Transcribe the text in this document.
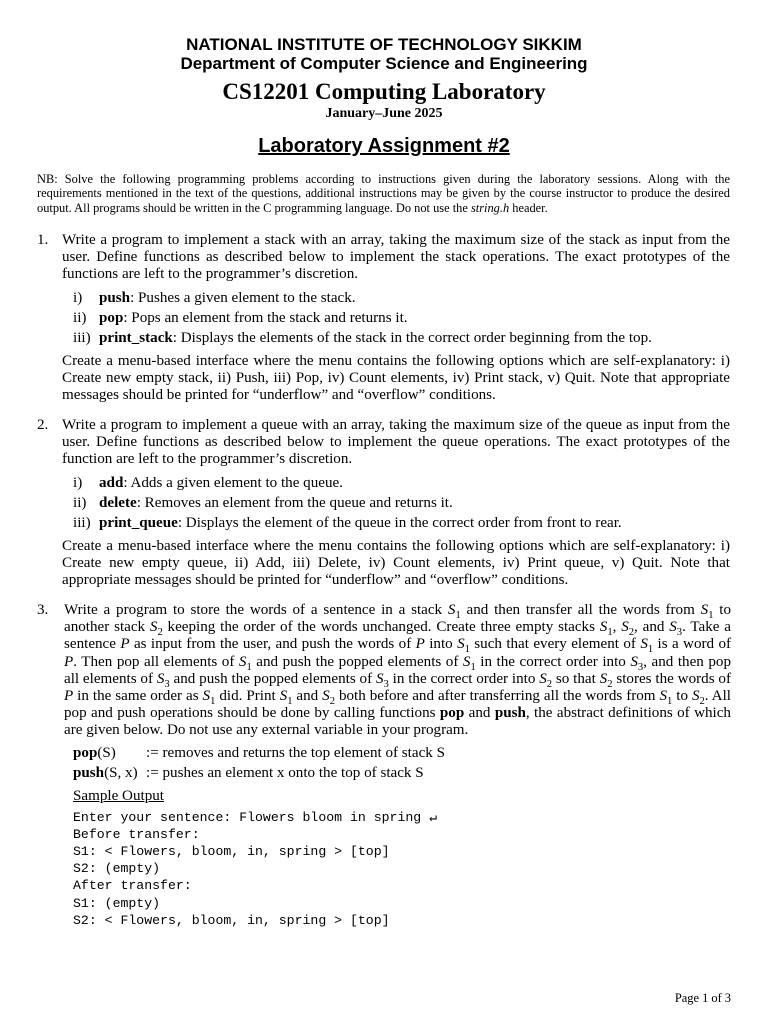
NATIONAL INSTITUTE OF TECHNOLOGY SIKKIM
Department of Computer Science and Engineering
CS12201 Computing Laboratory
January–June 2025
Laboratory Assignment #2
NB: Solve the following programming problems according to instructions given during the laboratory sessions. Along with the requirements mentioned in the text of the questions, additional instructions may be given by the course instructor to produce the desired output. All programs should be written in the C programming language. Do not use the string.h header.
1. Write a program to implement a stack with an array, taking the maximum size of the stack as input from the user. Define functions as described below to implement the stack operations. The exact prototypes of the functions are left to the programmer’s discretion.
i) push: Pushes a given element to the stack.
ii) pop: Pops an element from the stack and returns it.
iii) print_stack: Displays the elements of the stack in the correct order beginning from the top.
Create a menu-based interface where the menu contains the following options which are self-explanatory: i) Create new empty stack, ii) Push, iii) Pop, iv) Count elements, iv) Print stack, v) Quit. Note that appropriate messages should be printed for “underflow” and “overflow” conditions.
2. Write a program to implement a queue with an array, taking the maximum size of the queue as input from the user. Define functions as described below to implement the queue operations. The exact prototypes of the function are left to the programmer’s discretion.
i) add: Adds a given element to the queue.
ii) delete: Removes an element from the queue and returns it.
iii) print_queue: Displays the element of the queue in the correct order from front to rear.
Create a menu-based interface where the menu contains the following options which are self-explanatory: i) Create new empty queue, ii) Add, iii) Delete, iv) Count elements, iv) Print queue, v) Quit. Note that appropriate messages should be printed for “underflow” and “overflow” conditions.
3. Write a program to store the words of a sentence in a stack $S_1$ and then transfer all the words from $S_1$ to another stack $S_2$ keeping the order of the words unchanged. Create three empty stacks $S_1$, $S_2$, and $S_3$. Take a sentence P as input from the user, and push the words of P into $S_1$ such that every element of $S_1$ is a word of P. Then pop all elements of $S_1$ and push the popped elements of $S_1$ in the correct order into $S_3$, and then pop all elements of $S_3$ and push the popped elements of $S_3$ in the correct order into $S_2$ so that $S_2$ stores the words of P in the same order as $S_1$ did. Print $S_1$ and $S_2$ both before and after transferring all the words from $S_1$ to $S_2$. All pop and push operations should be done by calling functions pop and push, the abstract definitions of which are given below. Do not use any external variable in your program.
pop(S) := removes and returns the top element of stack S
push(S, x) := pushes an element x onto the top of stack S
Sample Output
Enter your sentence: Flowers bloom in spring ↵
Before transfer:
S1: < Flowers, bloom, in, spring > [top]
S2: (empty)
After transfer:
S1: (empty)
S2: < Flowers, bloom, in, spring > [top]
Page 1 of 3
